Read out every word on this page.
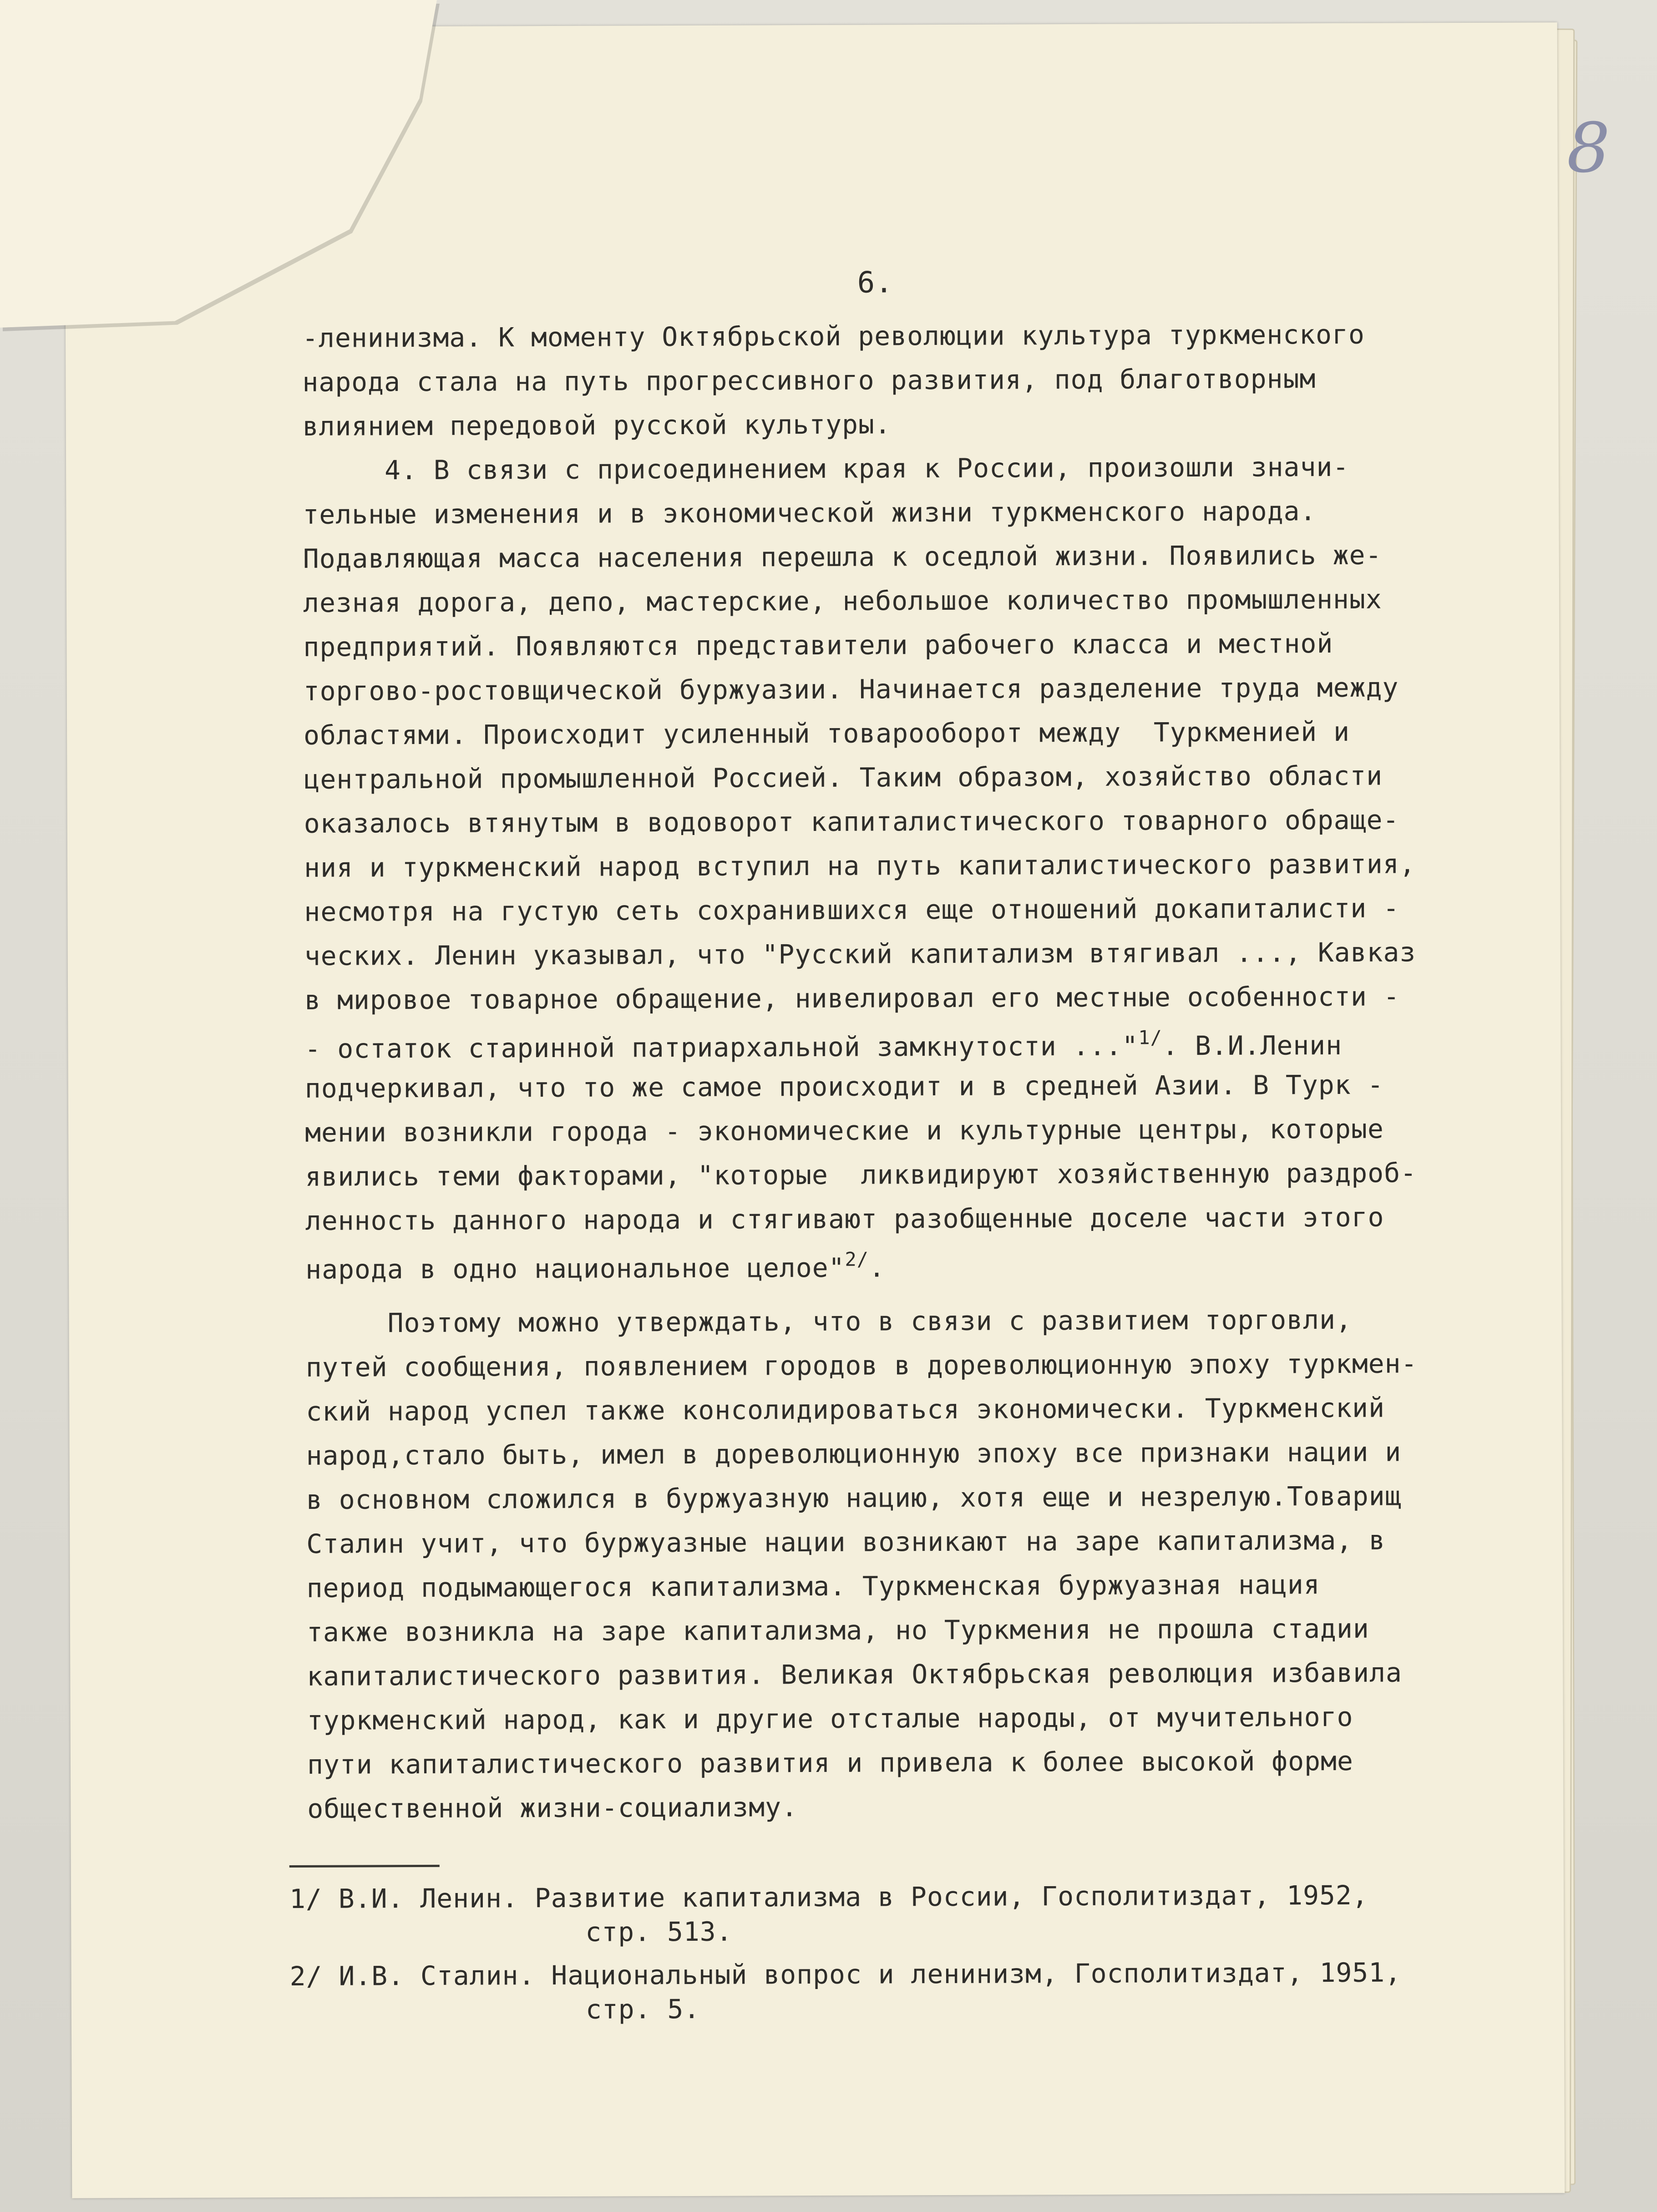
8
6.
-ленинизма. К моменту Октябрьской революции культура туркменского
народа стала на путь прогрессивного развития, под благотворным
влиянием передовой русской культуры.
4. В связи с присоединением края к России, произошли значи-
тельные изменения и в экономической жизни туркменского народа.
Подавляющая масса населения перешла к оседлой жизни. Появились же-
лезная дорога, депо, мастерские, небольшое количество промышленных
предприятий. Появляются представители рабочего класса и местной
торгово-ростовщической буржуазии. Начинается разделение труда между
областями. Происходит усиленный товарооборот между  Туркменией и
центральной промышленной Россией. Таким образом, хозяйство области
оказалось втянутым в водоворот капиталистического товарного обраще-
ния и туркменский народ вступил на путь капиталистического развития,
несмотря на густую сеть сохранившихся еще отношений докапиталисти -
ческих. Ленин указывал, что "Русский капитализм втягивал ..., Кавказ
в мировое товарное обращение, нивелировал его местные особенности -
- остаток старинной патриархальной замкнутости ..."$^{1/}$. В.И.Ленин
подчеркивал, что то же самое происходит и в средней Азии. В Турк -
мении возникли города - экономические и культурные центры, которые
явились теми факторами, "которые  ликвидируют хозяйственную раздроб-
ленность данного народа и стягивают разобщенные доселе части этого
народа в одно национальное целое"$^{2/}$.
Поэтому можно утверждать, что в связи с развитием торговли,
путей сообщения, появлением городов в дореволюционную эпоху туркмен-
ский народ успел также консолидироваться экономически. Туркменский
народ,стало быть, имел в дореволюционную эпоху все признаки нации и
в основном сложился в буржуазную нацию, хотя еще и незрелую.Товарищ
Сталин учит, что буржуазные нации возникают на заре капитализма, в
период подымающегося капитализма. Туркменская буржуазная нация
также возникла на заре капитализма, но Туркмения не прошла стадии
капиталистического развития. Великая Октябрьская революция избавила
туркменский народ, как и другие отсталые народы, от мучительного
пути капиталистического развития и привела к более высокой форме
общественной жизни-социализму.
1/ В.И. Ленин. Развитие капитализма в России, Госполитиздат, 1952,
стр. 513.
2/ И.В. Сталин. Национальный вопрос и ленинизм, Госполитиздат, 1951,
стр. 5.
